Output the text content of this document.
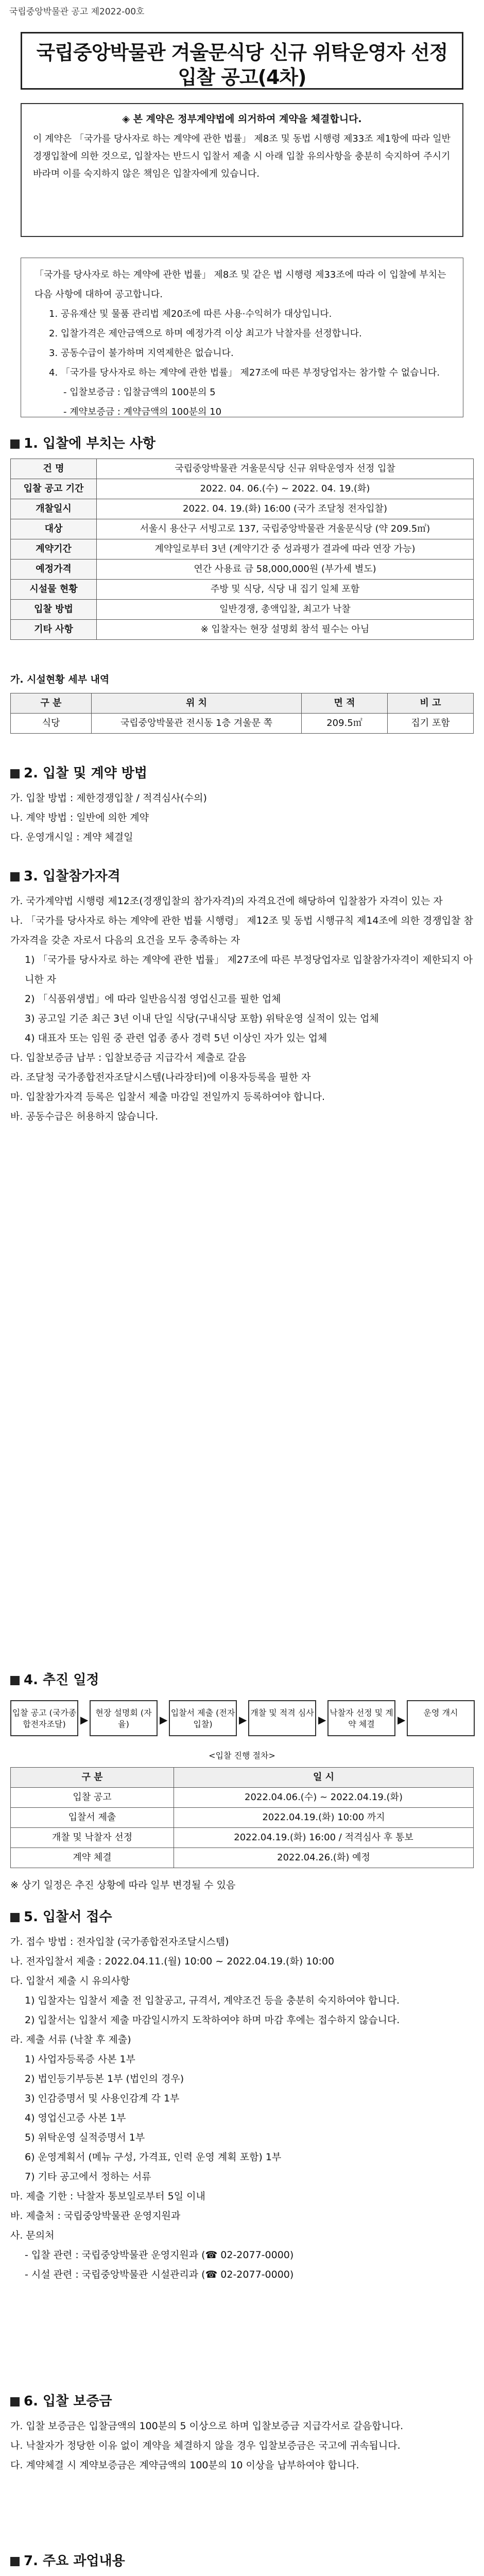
국립중앙박물관 공고 제2022-00호
국립중앙박물관 겨울문식당 신규 위탁운영자 선정
입찰 공고(4차)
◈ 본 계약은 정부계약법에 의거하여 계약을 체결합니다.

이 계약은 「국가를 당사자로 하는 계약에 관한 법률」 제8조 및 동법 시행령 제33조 제1항에 따라 일반경쟁입찰에 의한 것으로, 입찰자는 반드시 입찰서 제출 시 아래 입찰 유의사항을 충분히 숙지하여 주시기 바라며 이를 숙지하지 않은 책임은 입찰자에게 있습니다.

「국가를 당사자로 하는 계약에 관한 법률」 제8조 및 같은 법 시행령 제33조에 따라 이 입찰에 부치는 다음 사항에 대하여 공고합니다.
1. 공유재산 및 물품 관리법 제20조에 따른 사용·수익허가 대상입니다.
2. 입찰가격은 제안금액으로 하며 예정가격 이상 최고가 낙찰자를 선정합니다.
3. 공동수급이 불가하며 지역제한은 없습니다.
4. 「국가를 당사자로 하는 계약에 관한 법률」 제27조에 따른 부정당업자는 참가할 수 없습니다.
- 입찰보증금 : 입찰금액의 100분의 5
- 계약보증금 : 계약금액의 100분의 10
1. 입찰에 부치는 사항
건 명	국립중앙박물관 겨울문식당 신규 위탁운영자 선정 입찰
입찰 공고 기간	2022. 04. 06.(수) ~ 2022. 04. 19.(화)
개찰일시	2022. 04. 19.(화) 16:00 (국가 조달청 전자입찰)
대상	서울시 용산구 서빙고로 137, 국립중앙박물관 겨울문식당 (약 209.5㎡)
계약기간	계약일로부터 3년 (계약기간 중 성과평가 결과에 따라 연장 가능)
예정가격	연간 사용료 금 58,000,000원 (부가세 별도)
시설물 현황	주방 및 식당, 식당 내 집기 일체 포함
입찰 방법	일반경쟁, 총액입찰, 최고가 낙찰
기타 사항	※ 입찰자는 현장 설명회 참석 필수는 아님
가. 시설현황 세부 내역
구 분	위 치	면 적	비 고
식당	국립중앙박물관 전시동 1층 겨울문 쪽	209.5㎡	집기 포함
2. 입찰 및 계약 방법
가. 입찰 방법 : 제한경쟁입찰 / 적격심사(수의)
나. 계약 방법 : 일반에 의한 계약
다. 운영개시일 : 계약 체결일
3. 입찰참가자격
가. 국가계약법 시행령 제12조(경쟁입찰의 참가자격)의 자격요건에 해당하여 입찰참가 자격이 있는 자
나. 「국가를 당사자로 하는 계약에 관한 법률 시행령」 제12조 및 동법 시행규칙 제14조에 의한 경쟁입찰 참가자격을 갖춘 자로서 다음의 요건을 모두 충족하는 자
1) 「국가를 당사자로 하는 계약에 관한 법률」 제27조에 따른 부정당업자로 입찰참가자격이 제한되지 아니한 자
2) 「식품위생법」에 따라 일반음식점 영업신고를 필한 업체
3) 공고일 기준 최근 3년 이내 단일 식당(구내식당 포함) 위탁운영 실적이 있는 업체
4) 대표자 또는 임원 중 관련 업종 종사 경력 5년 이상인 자가 있는 업체
다. 입찰보증금 납부 : 입찰보증금 지급각서 제출로 갈음
라. 조달청 국가종합전자조달시스템(나라장터)에 이용자등록을 필한 자
마. 입찰참가자격 등록은 입찰서 제출 마감일 전일까지 등록하여야 합니다.
바. 공동수급은 허용하지 않습니다.
4. 추진 일정
입찰 공고 (국가종합전자조달)	▶
현장 설명회 (자율)	▶
입찰서 제출 (전자입찰)	▶
개찰 및 적격 심사
▶
낙찰자 선정 및 계약 체결	▶
운영 개시
<입찰 진행 절차>
구 분	일 시
입찰 공고	2022.04.06.(수) ~ 2022.04.19.(화)
입찰서 제출	2022.04.19.(화) 10:00 까지
개찰 및 낙찰자 선정	2022.04.19.(화) 16:00 / 적격심사 후 통보
계약 체결	2022.04.26.(화) 예정
※ 상기 일정은 추진 상황에 따라 일부 변경될 수 있음
5. 입찰서 접수
가. 접수 방법 : 전자입찰 (국가종합전자조달시스템)
나. 전자입찰서 제출 : 2022.04.11.(월) 10:00 ~ 2022.04.19.(화) 10:00
다. 입찰서 제출 시 유의사항
1) 입찰자는 입찰서 제출 전 입찰공고, 규격서, 계약조건 등을 충분히 숙지하여야 합니다.
2) 입찰서는 입찰서 제출 마감일시까지 도착하여야 하며 마감 후에는 접수하지 않습니다.
라. 제출 서류 (낙찰 후 제출)
1) 사업자등록증 사본 1부
2) 법인등기부등본 1부 (법인의 경우)
3) 인감증명서 및 사용인감계 각 1부
4) 영업신고증 사본 1부
5) 위탁운영 실적증명서 1부
6) 운영계획서 (메뉴 구성, 가격표, 인력 운영 계획 포함) 1부
7) 기타 공고에서 정하는 서류
마. 제출 기한 : 낙찰자 통보일로부터 5일 이내
바. 제출처 : 국립중앙박물관 운영지원과
사. 문의처
- 입찰 관련 : 국립중앙박물관 운영지원과 (☎ 02-2077-0000)
- 시설 관련 : 국립중앙박물관 시설관리과 (☎ 02-2077-0000)
6. 입찰 보증금
가. 입찰 보증금은 입찰금액의 100분의 5 이상으로 하며 입찰보증금 지급각서로 갈음합니다.
나. 낙찰자가 정당한 이유 없이 계약을 체결하지 않을 경우 입찰보증금은 국고에 귀속됩니다.
다. 계약체결 시 계약보증금은 계약금액의 100분의 10 이상을 납부하여야 합니다.
7. 주요 과업내용
